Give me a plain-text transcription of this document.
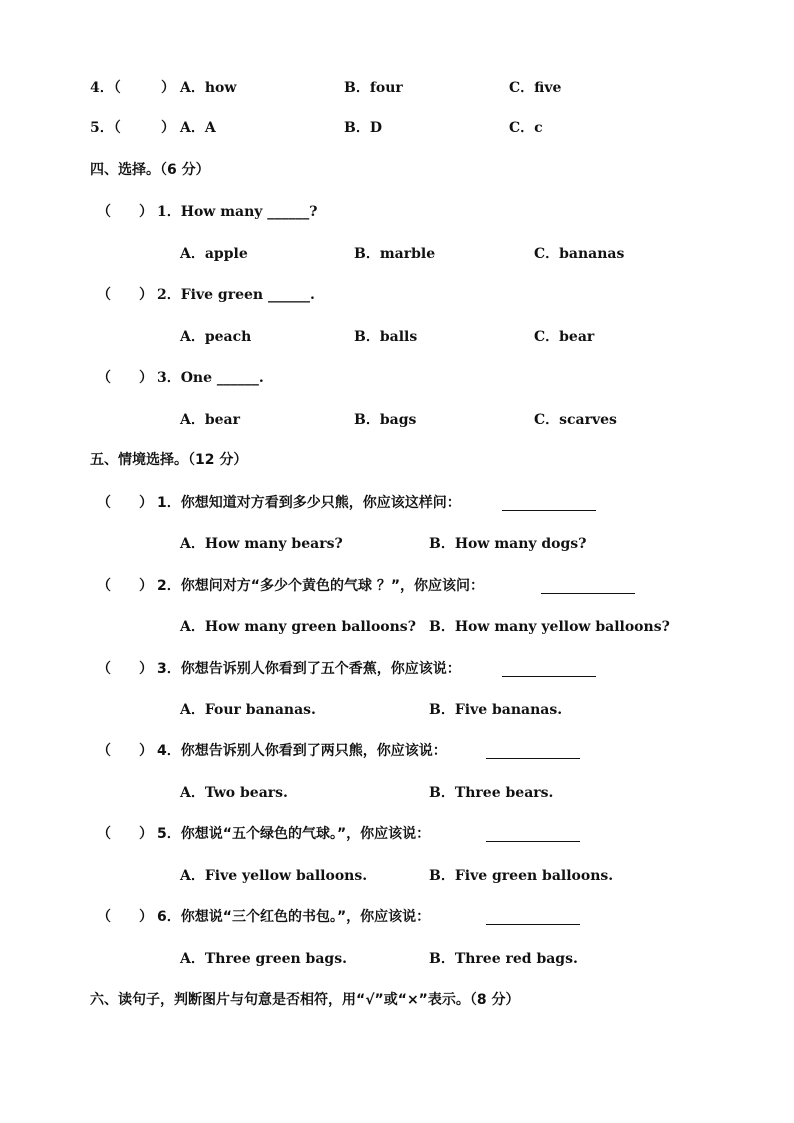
4．（	） A．how	B．four	C．five
5．（	） A．A	B．D	C．c
四、选择。（6 分）
（　　） 1．How many ______?
A．apple	B．marble	C．bananas
（　　） 2．Five green ______.
A．peach	B．balls	C．bear
（　　） 3．One ______.
A．bear	B．bags	C．scarves
五、情境选择。（12 分）
（　　） 1．你想知道对方看到多少只熊，你应该这样问：
A．How many bears?	B．How many dogs?
（　　） 2．你想问对方“多少个黄色的气球 ？”，你应该问：
A．How many green balloons? B．How many yellow balloons?
（　　） 3．你想告诉别人你看到了五个香蕉，你应该说：
A．Four bananas.	B．Five bananas.
（　　） 4．你想告诉别人你看到了两只熊，你应该说：
A．Two bears.	B．Three bears.
（　　） 5．你想说“五个绿色的气球。”，你应该说：
A．Five yellow balloons.	B．Five green balloons.
（　　） 6．你想说“三个红色的书包。”，你应该说：
A．Three green bags.	B．Three red bags.
六、读句子，判断图片与句意是否相符，用“√”或“×”表示。（8 分）
